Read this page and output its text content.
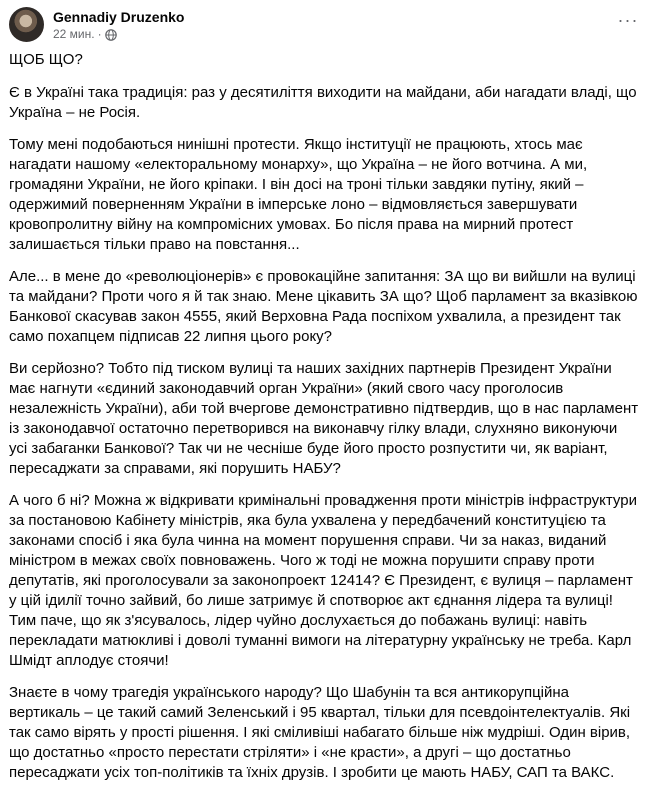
Gennadiy Druzenko
22 мин. ·
···

ЩОБ ЩО?

Є в Україні така традиція: раз у десятиліття виходити на майдани, аби нагадати владі, що Україна – не Росія.

Тому мені подобаються нинішні протести. Якщо інституції не працюють, хтось має нагадати нашому «електоральному монарху», що Україна – не його вотчина. А ми, громадяни України, не його кріпаки. І він досі на троні тільки завдяки путіну, який – одержимий поверненням України в імперське лоно – відмовляється завершувати кровопролитну війну на компромісних умовах. Бо після права на мирний протест залишається тільки право на повстання...

Але... в мене до «революціонерів» є провокаційне запитання: ЗА що ви вийшли на вулиці та майдани? Проти чого я й так знаю. Мене цікавить ЗА що? Щоб парламент за вказівкою Банкової скасував закон 4555, який Верховна Рада поспіхом ухвалила, а президент так само похапцем підписав 22 липня цього року?

Ви серйозно? Тобто під тиском вулиці та наших західних партнерів Президент України має нагнути «єдиний законодавчий орган України» (який свого часу проголосив незалежність України), аби той вчергове демонстративно підтвердив, що в нас парламент із законодавчої остаточно перетворився на виконавчу гілку влади, слухняно виконуючи усі забаганки Банкової? Так чи не чесніше буде його просто розпустити чи, як варіант, пересаджати за справами, які порушить НАБУ?

А чого б ні? Можна ж відкривати кримінальні провадження проти міністрів інфраструктури за постановою Кабінету міністрів, яка була ухвалена у передбачений конституцією та законами спосіб і яка була чинна на момент порушення справи. Чи за наказ, виданий міністром в межах своїх повноважень. Чого ж тоді не можна порушити справу проти депутатів, які проголосували за законопроект 12414? Є Президент, є вулиця – парламент у цій ідилії точно зайвий, бо лише затримує й спотворює акт єднання лідера та вулиці! Тим паче, що як з'ясувалось, лідер чуйно дослухається до побажань вулиці: навіть перекладати матюкливі і доволі туманні вимоги на літературну українську не треба. Карл Шмідт аплодує стоячи!

Знаєте в чому трагедія українського народу? Що Шабунін та вся антикорупційна вертикаль – це такий самий Зеленський і 95 квартал, тільки для псевдоінтелектуалів. Які так само вірять у прості рішення. І які сміливіші набагато більше ніж мудріші. Один вірив, що достатньо «просто перестати стріляти» і «не красти», а другі – що достатньо пересаджати усіх топ-політиків та їхніх друзів. І зробити це мають НАБУ, САП та ВАКС.
